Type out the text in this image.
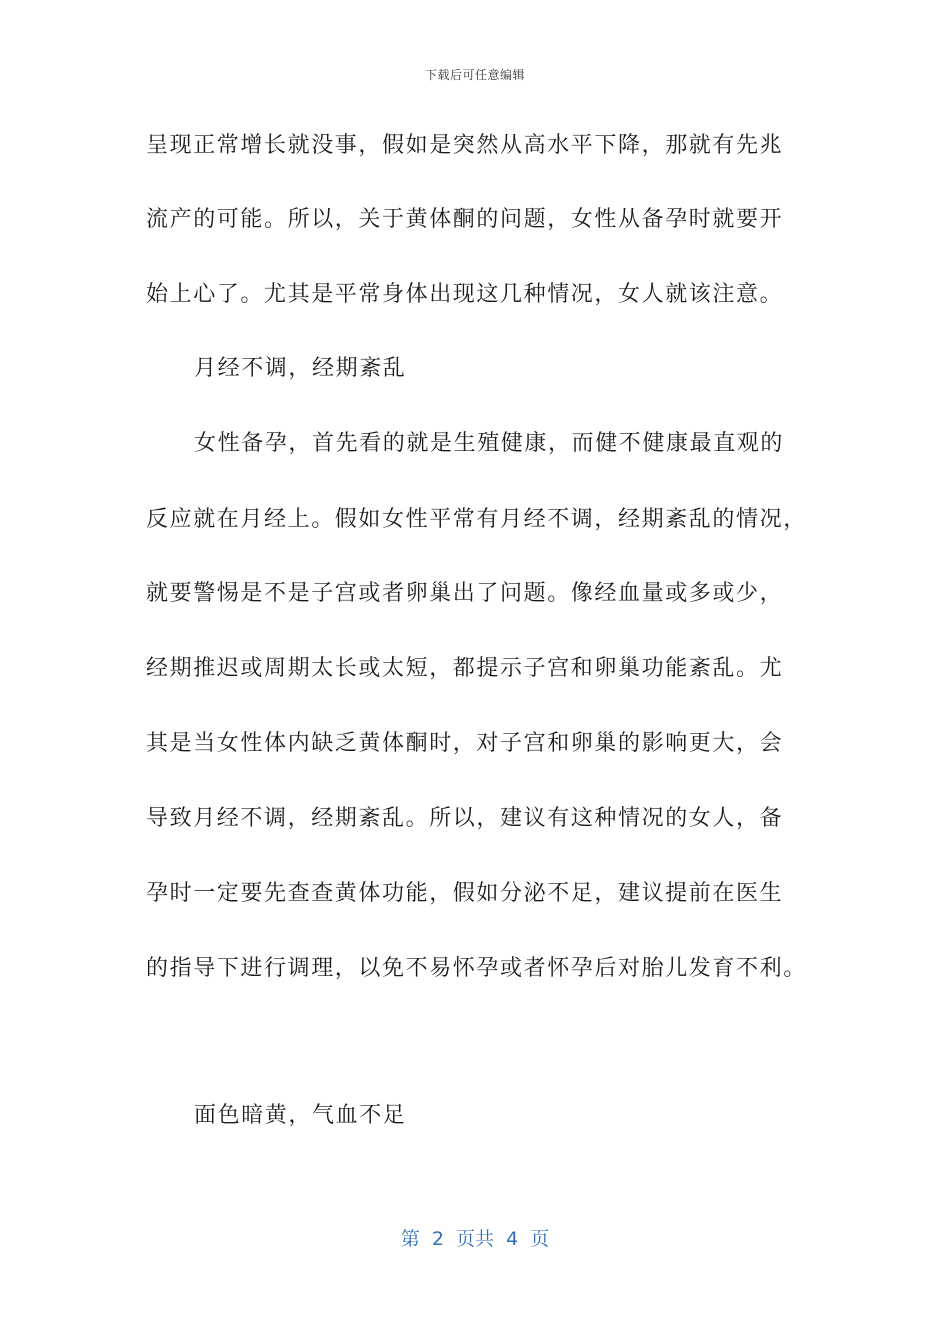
下载后可任意编辑
呈现正常增长就没事，假如是突然从高水平下降，那就有先兆
流产的可能。所以，关于黄体酮的问题，女性从备孕时就要开
始上心了。尤其是平常身体出现这几种情况，女人就该注意。
月经不调，经期紊乱
女性备孕，首先看的就是生殖健康，而健不健康最直观的
反应就在月经上。假如女性平常有月经不调，经期紊乱的情况，
就要警惕是不是子宫或者卵巢出了问题。像经血量或多或少，
经期推迟或周期太长或太短，都提示子宫和卵巢功能紊乱。尤
其是当女性体内缺乏黄体酮时，对子宫和卵巢的影响更大，会
导致月经不调，经期紊乱。所以，建议有这种情况的女人，备
孕时一定要先查查黄体功能，假如分泌不足，建议提前在医生
的指导下进行调理，以免不易怀孕或者怀孕后对胎儿发育不利。
面色暗黄，气血不足
第  2  页共  4  页
